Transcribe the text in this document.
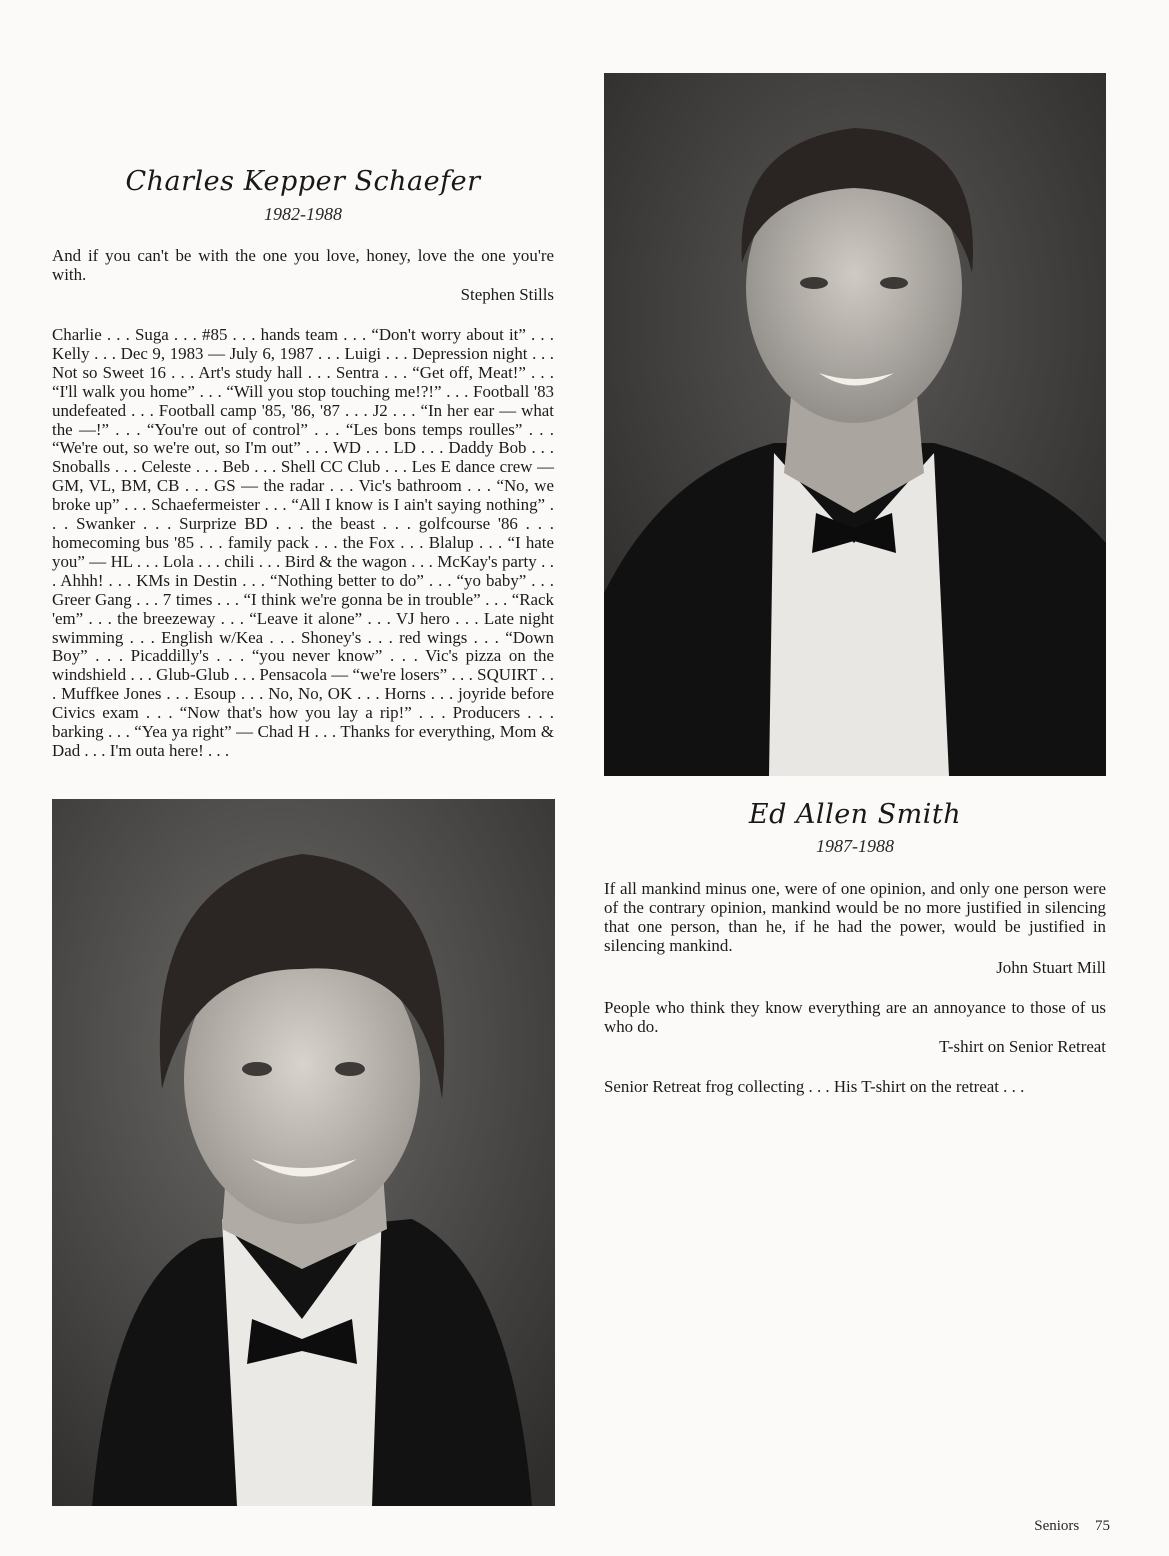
Charles Kepper Schaefer
1982-1988

And if you can't be with the one you love, honey, love the one you're with.

Stephen Stills

Charlie . . . Suga . . . #85 . . . hands team . . . “Don't worry about it” . . . Kelly . . . Dec 9, 1983 — July 6, 1987 . . . Luigi . . . Depression night . . . Not so Sweet 16 . . . Art's study hall . . . Sentra . . . “Get off, Meat!” . . . “I'll walk you home” . . . “Will you stop touching me!?!” . . . Football '83 undefeated . . . Football camp '85, '86, '87 . . . J2 . . . “In her ear — what the —!” . . . “You're out of control” . . . “Les bons temps roulles” . . . “We're out, so we're out, so I'm out” . . . WD . . . LD . . . Daddy Bob . . . Snoballs . . . Celeste . . . Beb . . . Shell CC Club . . . Les E dance crew — GM, VL, BM, CB . . . GS — the radar . . . Vic's bathroom . . . “No, we broke up” . . . Schaefermeister . . . “All I know is I ain't saying nothing” . . . Swanker . . . Surprize BD . . . the beast . . . golfcourse '86 . . . homecoming bus '85 . . . family pack . . . the Fox . . . Blalup . . . “I hate you” — HL . . . Lola . . . chili . . . Bird & the wagon . . . McKay's party . . . Ahhh! . . . KMs in Destin . . . “Nothing better to do” . . . “yo baby” . . . Greer Gang . . . 7 times . . . “I think we're gonna be in trouble” . . . “Rack 'em” . . . the breezeway . . . “Leave it alone” . . . VJ hero . . . Late night swimming . . . English w/Kea . . . Shoney's . . . red wings . . . “Down Boy” . . . Picaddilly's . . . “you never know” . . . Vic's pizza on the windshield . . . Glub-Glub . . . Pensacola — “we're losers” . . . SQUIRT . . . Muffkee Jones . . . Esoup . . . No, No, OK . . . Horns . . . joyride before Civics exam . . . “Now that's how you lay a rip!” . . . Producers . . . barking . . . “Yea ya right” — Chad H . . . Thanks for everything, Mom & Dad . . . I'm outa here! . . .

Ed Allen Smith
1987-1988

If all mankind minus one, were of one opinion, and only one person were of the contrary opinion, mankind would be no more justified in silencing that one person, than he, if he had the power, would be justified in silencing mankind.

John Stuart Mill

People who think they know everything are an annoyance to those of us who do.

T-shirt on Senior Retreat

Senior Retreat frog collecting . . . His T-shirt on the retreat . . .

Seniors 75
